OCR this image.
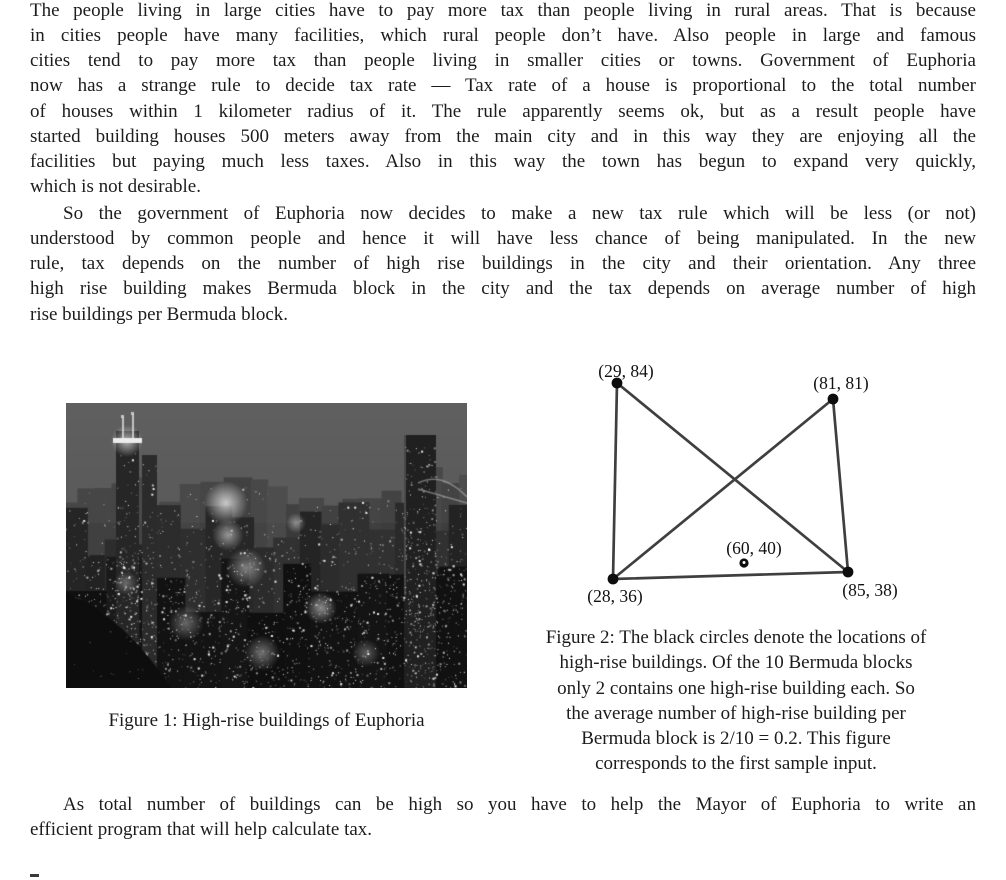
The people living in large cities have to pay more tax than people living in rural areas. That is because
in cities people have many facilities, which rural people don’t have. Also people in large and famous
cities tend to pay more tax than people living in smaller cities or towns. Government of Euphoria
now has a strange rule to decide tax rate — Tax rate of a house is proportional to the total number
of houses within 1 kilometer radius of it. The rule apparently seems ok, but as a result people have
started building houses 500 meters away from the main city and in this way they are enjoying all the
facilities but paying much less taxes. Also in this way the town has begun to expand very quickly,
which is not desirable.
So the government of Euphoria now decides to make a new tax rule which will be less (or not)
understood by common people and hence it will have less chance of being manipulated. In the new
rule, tax depends on the number of high rise buildings in the city and their orientation. Any three
high rise building makes Bermuda block in the city and the tax depends on average number of high
rise buildings per Bermuda block.
Figure 1: High-rise buildings of Euphoria
(29, 84)
(81, 81)
(28, 36)	(85, 38)
(60, 40)
Figure 2: The black circles denote the locations of
high-rise buildings. Of the 10 Bermuda blocks
only 2 contains one high-rise building each. So
the average number of high-rise building per
Bermuda block is 2/10 = 0.2. This figure
corresponds to the first sample input.
As total number of buildings can be high so you have to help the Mayor of Euphoria to write an
efficient program that will help calculate tax.
